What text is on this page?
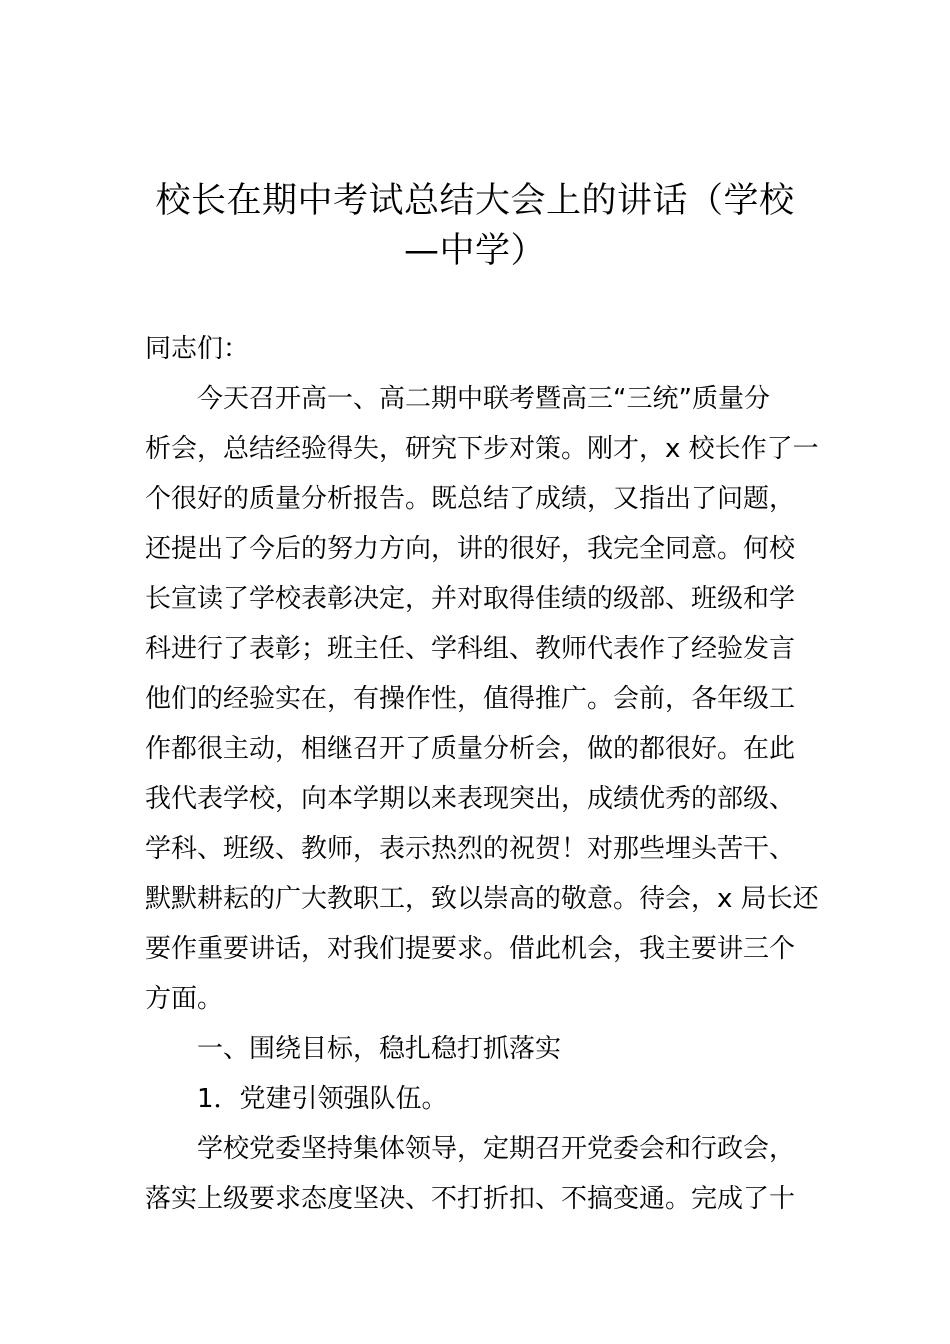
校长在期中考试总结大会上的讲话（学校
—中学）
同志们：
今天召开高一、高二期中联考暨高三“三统”质量分
析会，总结经验得失，研究下步对策。刚才，x 校长作了一
个很好的质量分析报告。既总结了成绩，又指出了问题，
还提出了今后的努力方向，讲的很好，我完全同意。何校
长宣读了学校表彰决定，并对取得佳绩的级部、班级和学
科进行了表彰；班主任、学科组、教师代表作了经验发言
他们的经验实在，有操作性，值得推广。会前，各年级工
作都很主动，相继召开了质量分析会，做的都很好。在此
我代表学校，向本学期以来表现突出，成绩优秀的部级、
学科、班级、教师，表示热烈的祝贺！对那些埋头苦干、
默默耕耘的广大教职工，致以崇高的敬意。待会，x 局长还
要作重要讲话，对我们提要求。借此机会，我主要讲三个
方面。
一、围绕目标，稳扎稳打抓落实
1．党建引领强队伍。
学校党委坚持集体领导，定期召开党委会和行政会，
落实上级要求态度坚决、不打折扣、不搞变通。完成了十
